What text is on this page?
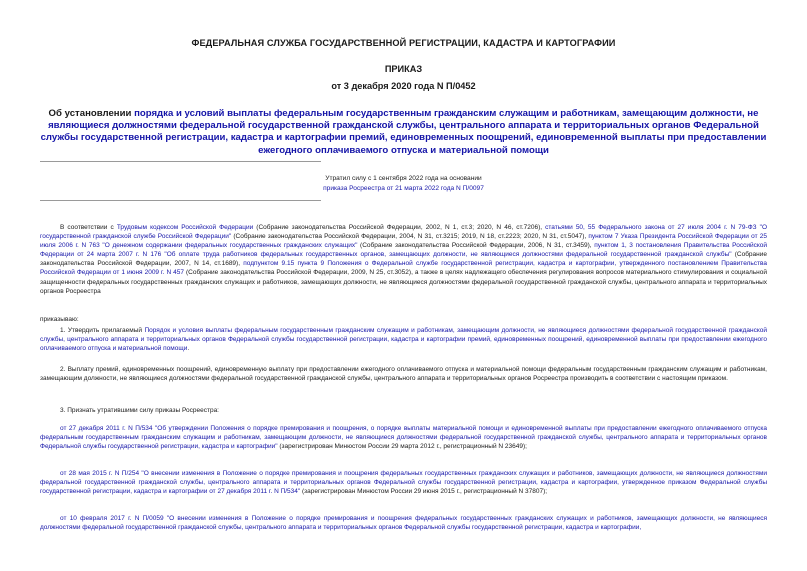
ФЕДЕРАЛЬНАЯ СЛУЖБА ГОСУДАРСТВЕННОЙ РЕГИСТРАЦИИ, КАДАСТРА И КАРТОГРАФИИ
ПРИКАЗ
от 3 декабря 2020 года N П/0452
Об установлении порядка и условий выплаты федеральным государственным гражданским служащим и работникам, замещающим должности, не являющиеся должностями федеральной государственной гражданской службы, центрального аппарата и территориальных органов Федеральной службы государственной регистрации, кадастра и картографии премий, единовременных поощрений, единовременной выплаты при предоставлении ежегодного оплачиваемого отпуска и материальной помощи
Утратил силу с 1 сентября 2022 года на основании
приказа Росреестра от 21 марта 2022 года N П/0097
В соответствии с Трудовым кодексом Российской Федерации (Собрание законодательства Российской Федерации, 2002, N 1, ст.3; 2020, N 46, ст.7206), статьями 50, 55 Федерального закона от 27 июля 2004 г. N 79-ФЗ "О государственной гражданской службе Российской Федерации" (Собрание законодательства Российской Федерации, 2004, N 31, ст.3215; 2019, N 18, ст.2223; 2020, N 31, ст.5047), пунктом 7 Указа Президента Российской Федерации от 25 июля 2006 г. N 763 "О денежном содержании федеральных государственных гражданских служащих" (Собрание законодательства Российской Федерации, 2006, N 31, ст.3459), пунктом 1, 3 постановления Правительства Российской Федерации от 24 марта 2007 г. N 176 "Об оплате труда работников федеральных государственных органов, замещающих должности, не являющиеся должностями федеральной государственной гражданской службы" (Собрание законодательства Российской Федерации, 2007, N 14, ст.1689), подпунктом 9.15 пункта 9 Положения о Федеральной службе государственной регистрации, кадастра и картографии, утвержденного постановлением Правительства Российской Федерации от 1 июня 2009 г. N 457 (Собрание законодательства Российской Федерации, 2009, N 25, ст.3052), а также в целях надлежащего обеспечения регулирования вопросов материального стимулирования и социальной защищенности федеральных государственных гражданских служащих и работников, замещающих должности, не являющиеся должностями федеральной государственной гражданской службы, центрального аппарата и территориальных органов Росреестра
приказываю:
1. Утвердить прилагаемый Порядок и условия выплаты федеральным государственным гражданским служащим и работникам, замещающим должности, не являющиеся должностями федеральной государственной гражданской службы, центрального аппарата и территориальных органов Федеральной службы государственной регистрации, кадастра и картографии премий, единовременных поощрений, единовременной выплаты при предоставлении ежегодного оплачиваемого отпуска и материальной помощи.
2. Выплату премий, единовременных поощрений, единовременную выплату при предоставлении ежегодного оплачиваемого отпуска и материальной помощи федеральным государственным гражданским служащим и работникам, замещающим должности, не являющиеся должностями федеральной государственной гражданской службы, центрального аппарата и территориальных органов Росреестра производить в соответствии с настоящим приказом.
3. Признать утратившими силу приказы Росреестра:
от 27 декабря 2011 г. N П/534 "Об утверждении Положения о порядке премирования и поощрения, о порядке выплаты материальной помощи и единовременной выплаты при предоставлении ежегодного оплачиваемого отпуска федеральным государственным гражданским служащим и работникам, замещающим должности, не являющиеся должностями федеральной государственной гражданской службы, центрального аппарата и территориальных органов Федеральной службы государственной регистрации, кадастра и картографии" (зарегистрирован Минюстом России 29 марта 2012 г., регистрационный N 23649);
от 28 мая 2015 г. N П/254 "О внесении изменения в Положение о порядке премирования и поощрения федеральных государственных гражданских служащих и работников, замещающих должности, не являющиеся должностями федеральной государственной гражданской службы, центрального аппарата и территориальных органов Федеральной службы государственной регистрации, кадастра и картографии, утвержденное приказом Федеральной службы государственной регистрации, кадастра и картографии от 27 декабря 2011 г. N П/534" (зарегистрирован Минюстом России 29 июня 2015 г., регистрационный N 37807);
от 10 февраля 2017 г. N П/0059 "О внесении изменения в Положение о порядке премирования и поощрения федеральных государственных гражданских служащих и работников, замещающих должности, не являющиеся должностями федеральной государственной гражданской службы, центрального аппарата и территориальных органов Федеральной службы государственной регистрации, кадастра и картографии,
